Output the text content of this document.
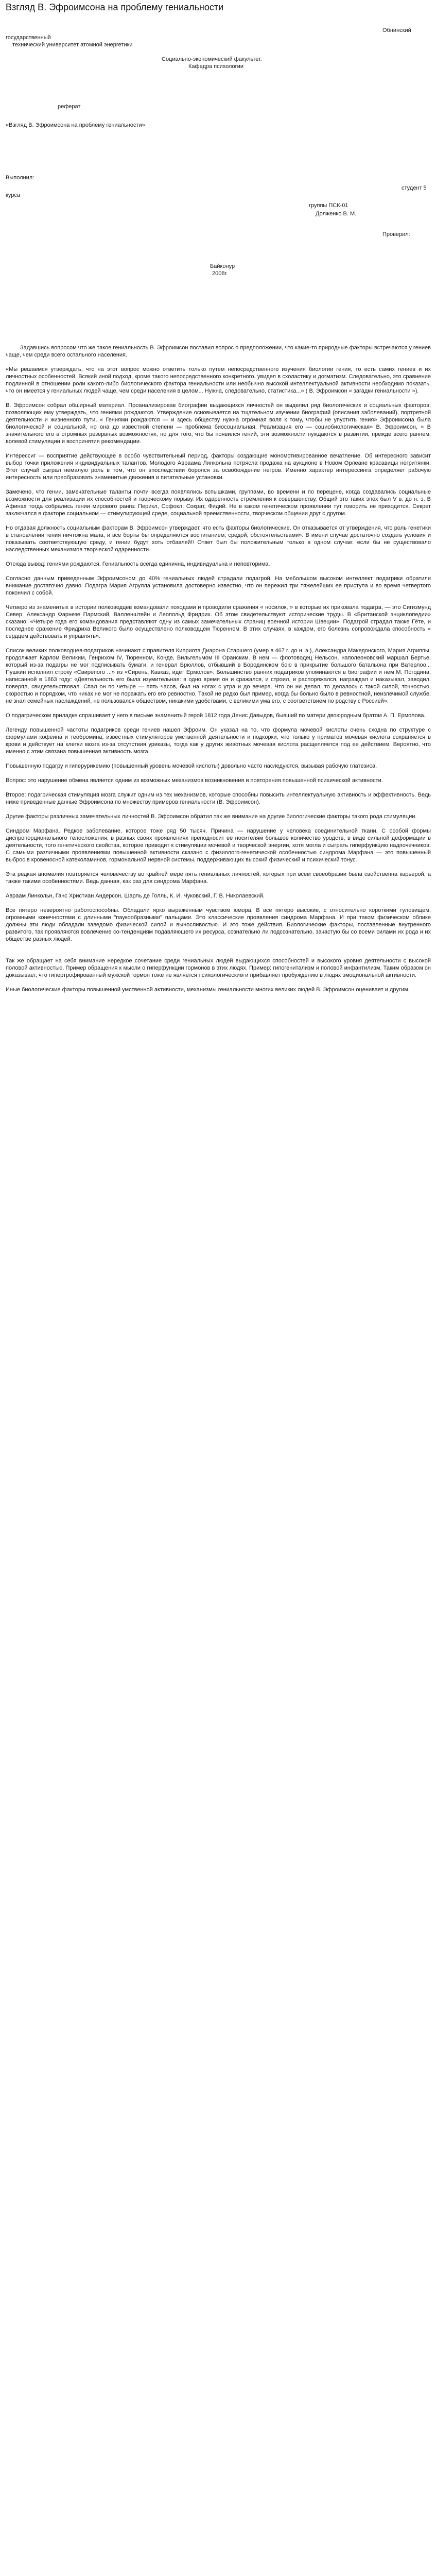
Взгляд В. Эфроимсона на проблему гениальности
Обнинский
государственный
технический университет атомной энергетики
Социально-экономический факультет.
Кафедра психологии
реферат
«Взгляд В. Эфроимсона на проблему гениальности»
Выполнил:
студент 5
курса
группы ПСК-01
Долженко В. М.
Проверил:
Байконур
2008г.

Задавшись вопросом что же такое гениальность В. Эфроимсон поставил вопрос о предположении, что какие-то природные факторы встречаются у гениев чаще, чем среди всего остального населения.

«Мы решаемся утверждать, что на этот вопрос можно ответить только путем непосредственного изучения биологии гения, то есть самих гениев и их личностных особенностей. Всякий иной подход, кроме такого непосредственного конкретного, увидел в схоластику и догматизм. Следовательно, это сравнение подлинной в отношении роли какого-либо биологического фактора гениальности или необычно высокой интеллектуальной активности необходимо показать, что он имеется у гениальных людей чаще, чем среди населения в целом... Нужна, следовательно, статистика...» ( В. Эфроимсон « загадки гениальности »).

В. Эфроимсон собрал обширный материал. Проанализировав биографии выдающихся личностей он выделил ряд биологических и социальных факторов, позволяющих ему утверждать, что гениями рождаются. Утверждение основывается на тщательном изучении биографий (описания заболеваний), портретной деятельности и жизненного пути, « Гениями рождаются — и здесь обществу нужна огромная воля к тому, чтобы не упустить гения» Эфроимсона была биологической и социальной, но она до известной степени — проблема биосоциальная. Реализация его — социобиологическая» В. Эфроимсон, » В значительного его в огромных резервных возможностях, но для того, что бы появился гений, эти возможности нуждаются в развитии, прежде всего раннем, волевой стимуляции и воспринятия рекомендации.

Интерессиг — восприятие действующее в особо чувствительный период, факторы создающие мономотивированное вечатление. Об интересного зависит выбор точки приложения индивидуальных талантов. Молодого Авраама Линкольна потрясла продажа на аукционе в Новом Орлеане красавицы негритянки. Этот случай сыграл немалую роль в том, что он впоследствии боролся за освобождение негров. Именно характер интерессинга определяет рабочую интересность или преобразовать знаменитые движения и питательные установки.

Замечено, что гении, замечательные таланты почти всегда появлялись вспышками, группами, во времени и по перецене, когда создавались социальные возможности для реализации их способностей и творческому порыву. Их одаренность стремления к совершенству. Общий это таких эпох был V в. до н. э. В Афинах тогда собрались гении мирового ранга: Перикл, Софокл, Сократ, Фидий. Не в каком генетическом проявлении тут говорить не приходится. Секрет заключался в факторе социальном — стимулирующей среде, социальной преемственности, творческом общении друг с другом.

Но отдавая должность социальным факторам В. Эфроимсон утверждает, что есть факторы биологические. Он отказывается от утверждения, что роль генетики в становлении гения ничтожна мала, и все борты бы определяются воспитанием, средой, обстоятельствами». В имени случае достаточно создать условия и показывать соответствующую среду, и гении будут хоть отбавляй!! Ответ был бы положительным только в одном случае: если бы не существовало наследственных механизмов творческой одаренности.

Отсюда вывод: гениями рождаются. Гениальность всегда единична, индивидуальна и неповторима.

Согласно данным приведенным Эфроимсоном до 40% гениальных людей страдали подагрой. На ме6ольшом высоком интеллект подагрики обратили внимание достаточно давно. Подагра Мария Агрулла установила достоверно известно, что он пережил три тяжелейших ее приступа и во время четвертого покончил с собой.

Четверо из знаменитых в истории полководцев командовали походами и проводили сражения « носилок, » в которые их приковала подагра, — это Сигизмунд Север, Александр Фарнезе Пармский, Валленштейн и Леопольд Фридрих. Об этом свидетельствуют исторические труды. В «Британской энциклопедии» сказано: «Четыре года его командования представляют одну из самых замечательных страниц военной истории Швеции». Подагрой страдал также Гёте, и последнее сражение Фридриха Великого было осуществлено полководцем Тюренном. В этих случаях, в каждом, его болезнь сопровождала способность « сердцем действовать и управлять».

Список великих полководцев-подагриков начинают с правителя Киприота Диарона Старшего (умер в 467 г. до н. э.), Александра Македонского, Мария Агриппы, продолжает Карлом Великим, Генрихом IV, Тюренном, Конде, Вильгельмом III Оранским. В нем — флотоводец Нельсон, наполеоновский маршал Бертье, который из-за подагры не мог подписывать бумаги, и генерал Брюллов, отбывший в Бородинском бою в прикрытие большого батальона при Ватерлоо... Пушкин исполнил строку «Свирепого ...» из «Сирень, Кавказ, идет Ермолов». Большинство ранних подагриков упоминаются в биографии и нем М. Погодина, написанной в 1863 году: «Деятельность его была изумительная: в одно время он и сражался, и строил, и распоряжался, награждал и наказывал, заводил, поверял, свидетельствовал. Спал он по четыре — пять часов, был на ногах с утра и до вечера. Что он ни делал, то делалось с такой силой, точностью, скоростью и порядком, что никак не мог не поражать его его ревностно. Такой не редко был пример, когда бы больно было в ревностной, неизлечимой службе, не знал семейных наслаждений, не пользовался обществом, никакими удобствами, с великими ума его, с соответствием по родству с Россией».

О подагрическом приладке спрашивает у него в письме знаменитый герой 1812 года Денис Давыдов, бывший по матери двоюродным братом А. П. Ермолова.

Легенду повышенной частоты подагриков среди гениев нашел Эфроим. Он указал на то, что формула мочевой кислоты очень сходна по структуре с формулами кофеина и теобромина, известных стимуляторов умственной деятельности и подкорки, что только у приматов мочевая кислота сохраняется в крови и действует на клетки мозга из-за отсутствия уриказы, тогда как у других животных мочевая кислота расщепляется под ее действием. Вероятно, что именно с этим связана повышенная активность мозга.

Повышенную подагру и гиперурикемию (повышенный уровень мочевой кислоты) довольно часто наследуются, вызывая рабочую глатезиса.

Вопрос: это нарушение обмена является одним из возможных механизмов возникновения и повторения повышенной психической активности.

Второе: подагрическая стимуляция мозга служит одним из тех механизмов, которые способны повысить интеллектуальную активность и эффективность. Ведь ниже приведенные данные Эфроимсона по множеству примеров гениальности (В. Эфроимсон).

Другие факторы различных замечательных личностей В. Эфроимсон обратил так же внимание на другие биологические факторы такого рода стимуляции.

Синдром Марфана. Редкое заболевание, которое тоже ряд 50 тысяч. Причина — нарушение у человека соединительной ткани. С особой формы диспропорционального телосложения, в разных своих проявлениях преподносит ее носителям большое количество уродств, в виде сильной деформации в деятельности, того генетического свойства, которое приводит к стимуляции мочевой и творческой энергии, хотя могла и сыграть гиперфункцию надпочечников. С самыми различными проявлениями повышенной активности сказано с физиолого-генетической особенностью синдрома Марфана — это повышенный выброс в кровеносной катехоламинов, гормональной нервной системы, поддерживающих высокий физический и психический тонус.

Эта редкая аномалия повторяется человечеству во крайней мере пять гениальных личностей, которых при всем своеобразии была свойственна карьерой, а также такими особенностями. Ведь данная, как раз для синдрома Марфана.

Авраам Линкольн, Ганс Христиан Андерсон, Шарль де Голль, К. И. Чуковский, Г. В. Николаевский.

Все пятеро невероятно работоспособны. Обладали ярко выраженным чувством юмора. В все пятеро высокие, с относительно короткими туловищем, огромными конечностями с длинными "паукообразными" пальцами. Это классические проявления синдрома Марфана. И при таком физическом облике должны эти люди обладали заведомо физической силой и выносливостью. И это тоже действия. Биологические факторы, поставленные внутренного развитого, так проявляются вовлечение со-тенденциям подавляющего их ресурса, сознательно ли подсознательно, зачастую бы со всеми силами их рода и их обществе разных людей.

Так же обращает на себя внимание нередкое сочетание среди гениальных людей выдающихся способностей и высокого уровня деятельности с высокой половой активностью. Пример обращения к мысли о гиперфункции гормонов в этих людях. Пример: гипогенитализм и половой инфантилизм. Таким образом он доказывает, что гипертрофированный мужской гормон тоже не является психологическим и прибавляет пробуждению в людях эмоциональной активности.

Иные биологические факторы повышенной умственной активности, механизмы гениальности многих великих людей В. Эфроимсон оценивает и другим.
